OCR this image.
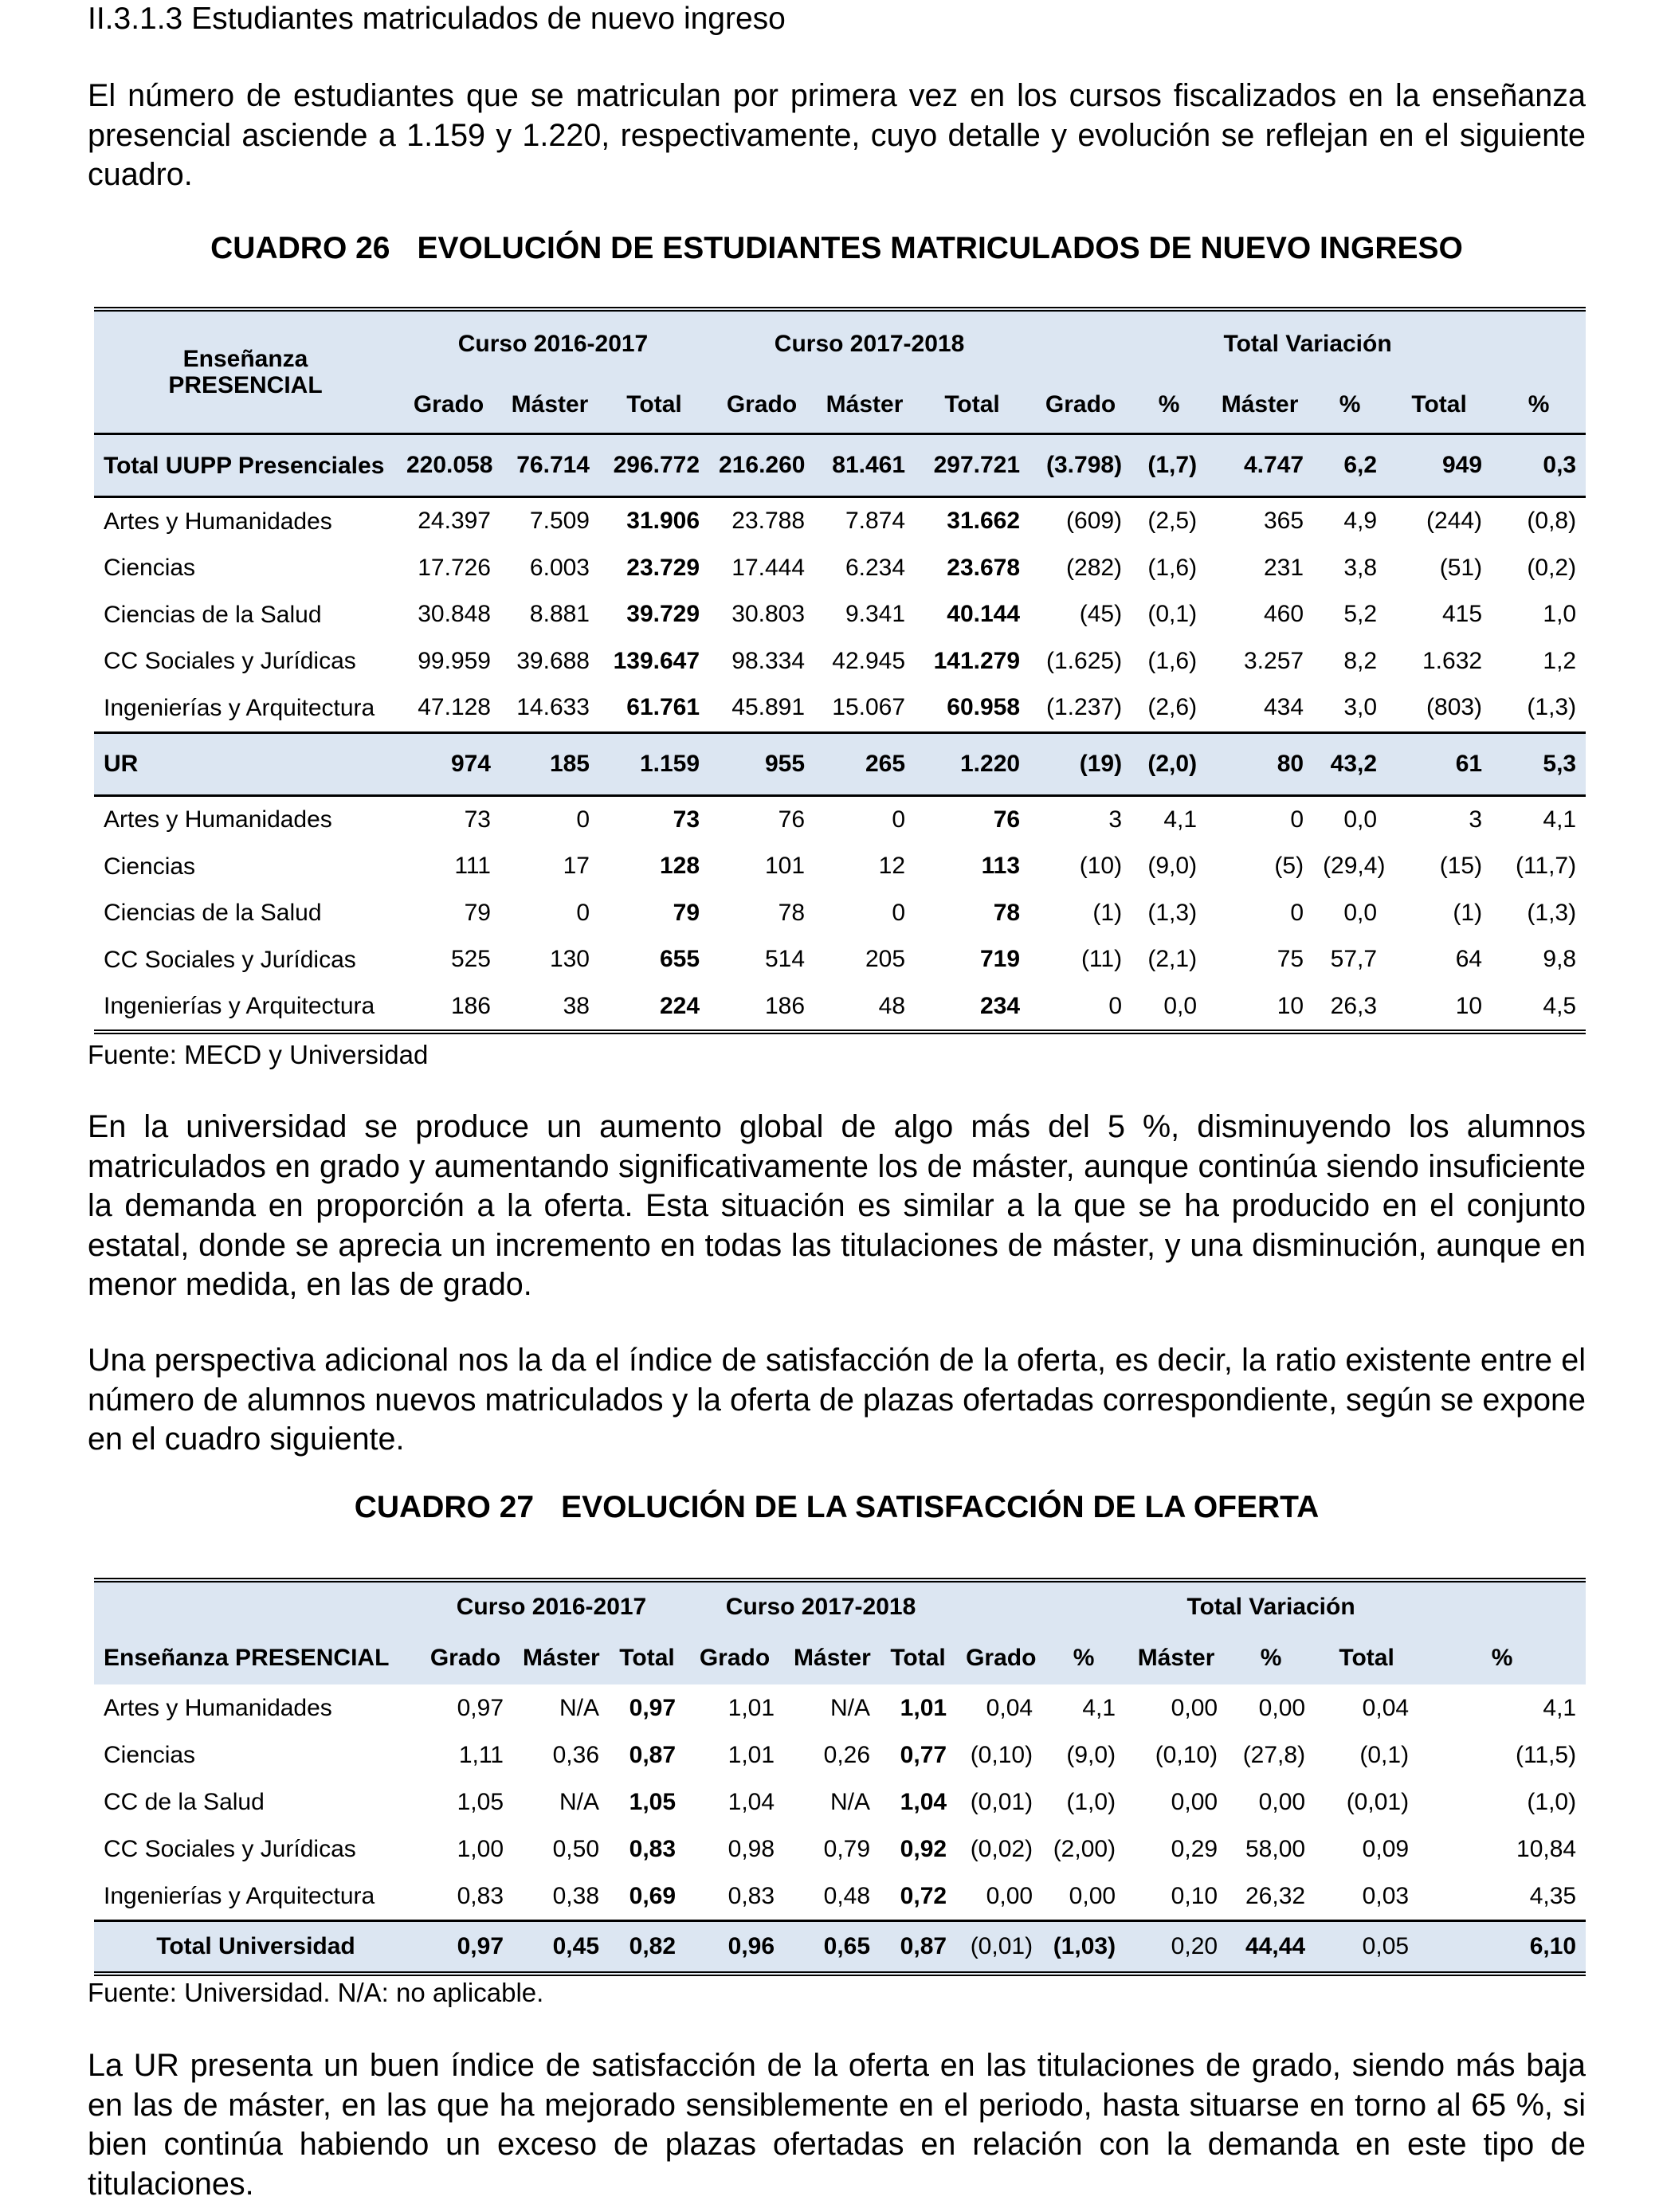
II.3.1.3 Estudiantes matriculados de nuevo ingreso
El número de estudiantes que se matriculan por primera vez en los cursos fiscalizados en la enseñanza presencial asciende a 1.159 y 1.220, respectivamente, cuyo detalle y evolución se reflejan en el siguiente cuadro.
CUADRO 26 EVOLUCIÓN DE ESTUDIANTES MATRICULADOS DE NUEVO INGRESO
Enseñanza PRESENCIAL	Curso 2016-2017			Curso 2017-2018			Total Variación					
	Grado	Máster	Total	Grado	Máster	Total	Grado	%	Máster	%	Total	%
Total UUPP Presenciales	220.058	76.714	296.772	216.260	81.461	297.721	(3.798)	(1,7)	4.747	6,2	949	0,3
Artes y Humanidades	24.397	7.509	31.906	23.788	7.874	31.662	(609)	(2,5)	365	4,9	(244)	(0,8)
Ciencias	17.726	6.003	23.729	17.444	6.234	23.678	(282)	(1,6)	231	3,8	(51)	(0,2)
Ciencias de la Salud	30.848	8.881	39.729	30.803	9.341	40.144	(45)	(0,1)	460	5,2	415	1,0
CC Sociales y Jurídicas	99.959	39.688	139.647	98.334	42.945	141.279	(1.625)	(1,6)	3.257	8,2	1.632	1,2
Ingenierías y Arquitectura	47.128	14.633	61.761	45.891	15.067	60.958	(1.237)	(2,6)	434	3,0	(803)	(1,3)
UR	974	185	1.159	955	265	1.220	(19)	(2,0)	80	43,2	61	5,3
Artes y Humanidades	73	0	73	76	0	76	3	4,1	0	0,0	3	4,1
Ciencias	111	17	128	101	12	113	(10)	(9,0)	(5)	(29,4)	(15)	(11,7)
Ciencias de la Salud	79	0	79	78	0	78	(1)	(1,3)	0	0,0	(1)	(1,3)
CC Sociales y Jurídicas	525	130	655	514	205	719	(11)	(2,1)	75	57,7	64	9,8
Ingenierías y Arquitectura	186	38	224	186	48	234	0	0,0	10	26,3	10	4,5
Fuente: MECD y Universidad
En la universidad se produce un aumento global de algo más del 5 %, disminuyendo los alumnos matriculados en grado y aumentando significativamente los de máster, aunque continúa siendo insuficiente la demanda en proporción a la oferta. Esta situación es similar a la que se ha producido en el conjunto estatal, donde se aprecia un incremento en todas las titulaciones de máster, y una disminución, aunque en menor medida, en las de grado.
Una perspectiva adicional nos la da el índice de satisfacción de la oferta, es decir, la ratio existente entre el número de alumnos nuevos matriculados y la oferta de plazas ofertadas correspondiente, según se expone en el cuadro siguiente.
CUADRO 27 EVOLUCIÓN DE LA SATISFACCIÓN DE LA OFERTA
	Curso 2016-2017			Curso 2017-2018			Total Variación					
Enseñanza PRESENCIAL	Grado	Máster	Total	Grado	Máster	Total	Grado	%	Máster	%	Total	%
Artes y Humanidades	0,97	N/A	0,97	1,01	N/A	1,01	0,04	4,1	0,00	0,00	0,04	4,1
Ciencias	1,11	0,36	0,87	1,01	0,26	0,77	(0,10)	(9,0)	(0,10)	(27,8)	(0,1)	(11,5)
CC de la Salud	1,05	N/A	1,05	1,04	N/A	1,04	(0,01)	(1,0)	0,00	0,00	(0,01)	(1,0)
CC Sociales y Jurídicas	1,00	0,50	0,83	0,98	0,79	0,92	(0,02)	(2,00)	0,29	58,00	0,09	10,84
Ingenierías y Arquitectura	0,83	0,38	0,69	0,83	0,48	0,72	0,00	0,00	0,10	26,32	0,03	4,35
Total Universidad	0,97	0,45	0,82	0,96	0,65	0,87	(0,01)	(1,03)	0,20	44,44	0,05	6,10
Fuente: Universidad. N/A: no aplicable.
La UR presenta un buen índice de satisfacción de la oferta en las titulaciones de grado, siendo más baja en las de máster, en las que ha mejorado sensiblemente en el periodo, hasta situarse en torno al 65 %, si bien continúa habiendo un exceso de plazas ofertadas en relación con la demanda en este tipo de titulaciones.
